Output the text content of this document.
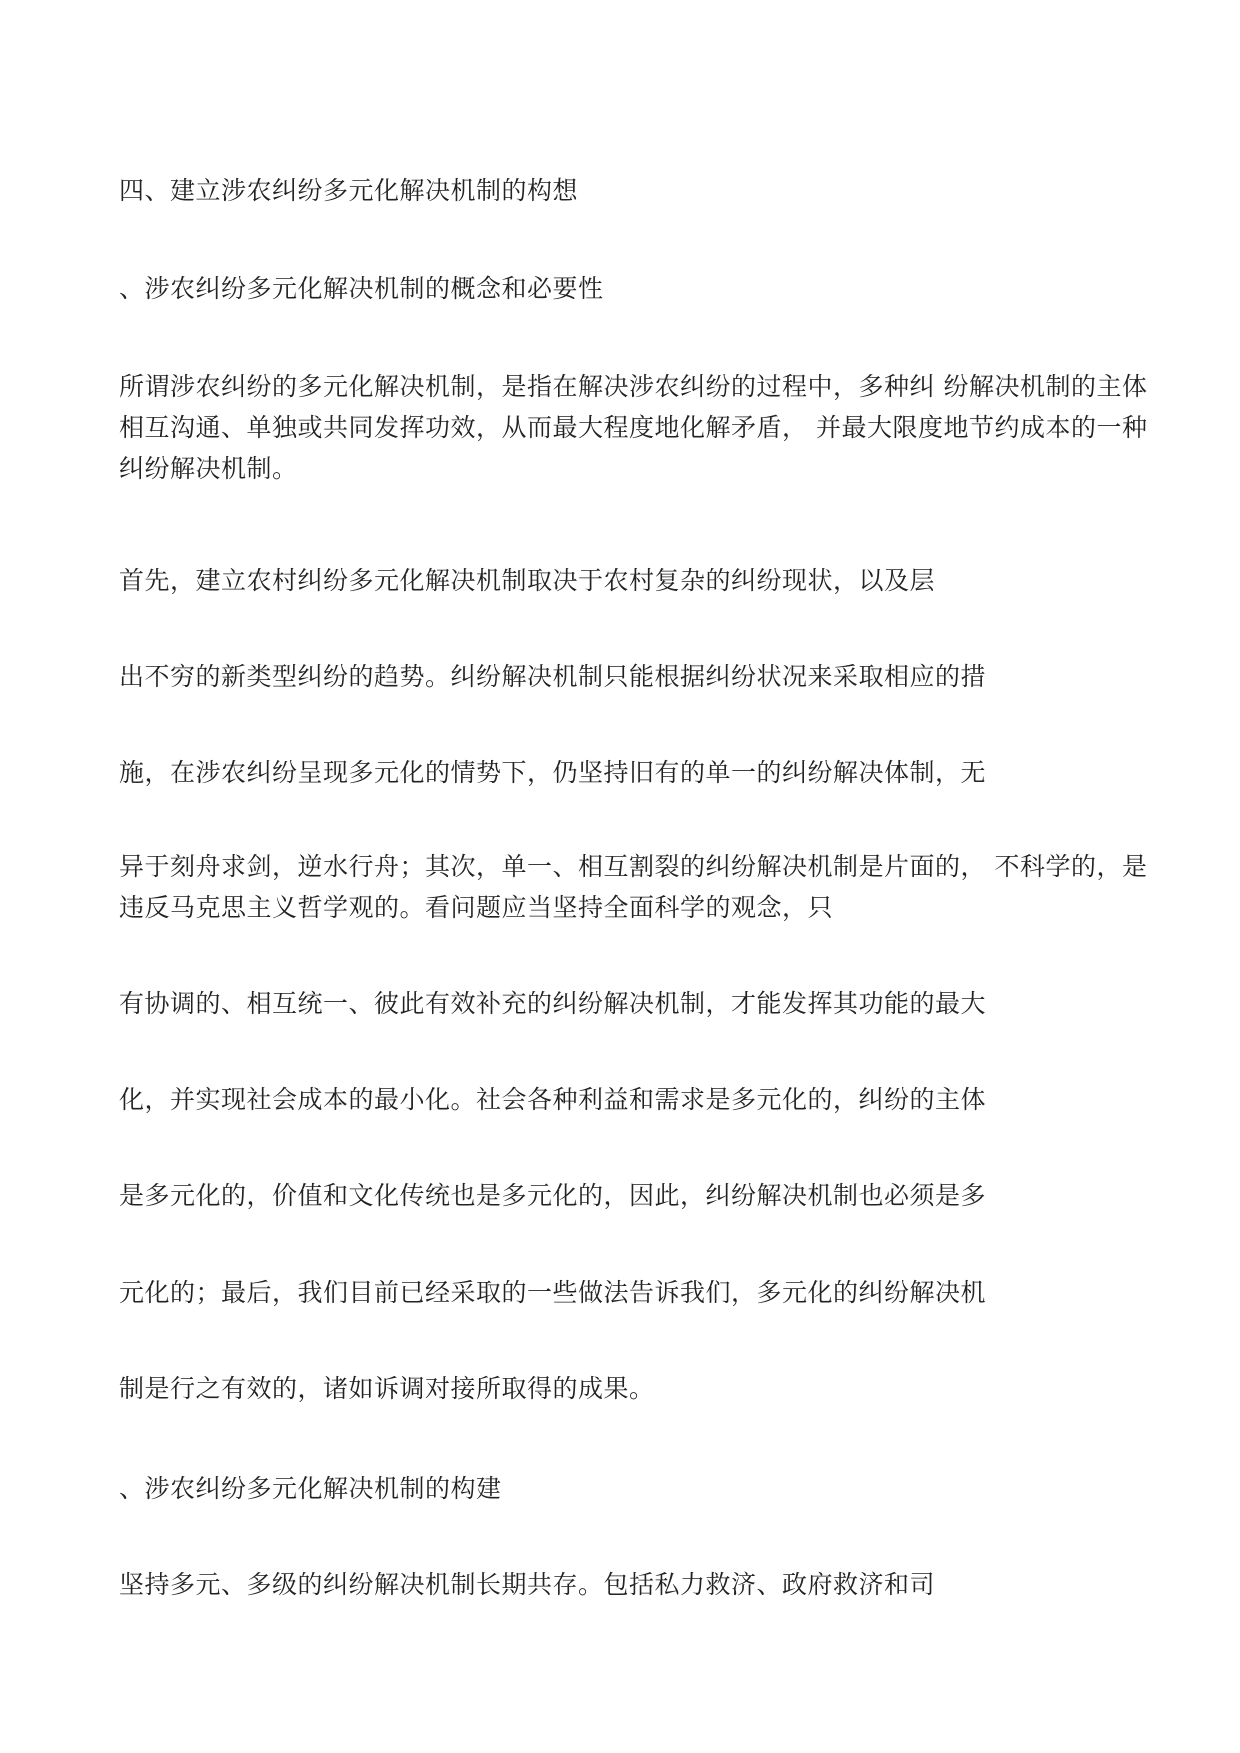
四、建立涉农纠纷多元化解决机制的构想
、涉农纠纷多元化解决机制的概念和必要性
所谓涉农纠纷的多元化解决机制，是指在解决涉农纠纷的过程中，多种纠 纷解决机制的主体
相互沟通、单独或共同发挥功效，从而最大程度地化解矛盾， 并最大限度地节约成本的一种
纠纷解决机制。
首先，建立农村纠纷多元化解决机制取决于农村复杂的纠纷现状，以及层
出不穷的新类型纠纷的趋势。纠纷解决机制只能根据纠纷状况来采取相应的措
施，在涉农纠纷呈现多元化的情势下，仍坚持旧有的单一的纠纷解决体制，无
异于刻舟求剑，逆水行舟；其次，单一、相互割裂的纠纷解决机制是片面的， 不科学的，是
违反马克思主义哲学观的。看问题应当坚持全面科学的观念，只
有协调的、相互统一、彼此有效补充的纠纷解决机制，才能发挥其功能的最大
化，并实现社会成本的最小化。社会各种利益和需求是多元化的，纠纷的主体
是多元化的，价值和文化传统也是多元化的，因此，纠纷解决机制也必须是多
元化的；最后，我们目前已经采取的一些做法告诉我们，多元化的纠纷解决机
制是行之有效的，诸如诉调对接所取得的成果。
、涉农纠纷多元化解决机制的构建
坚持多元、多级的纠纷解决机制长期共存。包括私力救济、政府救济和司
